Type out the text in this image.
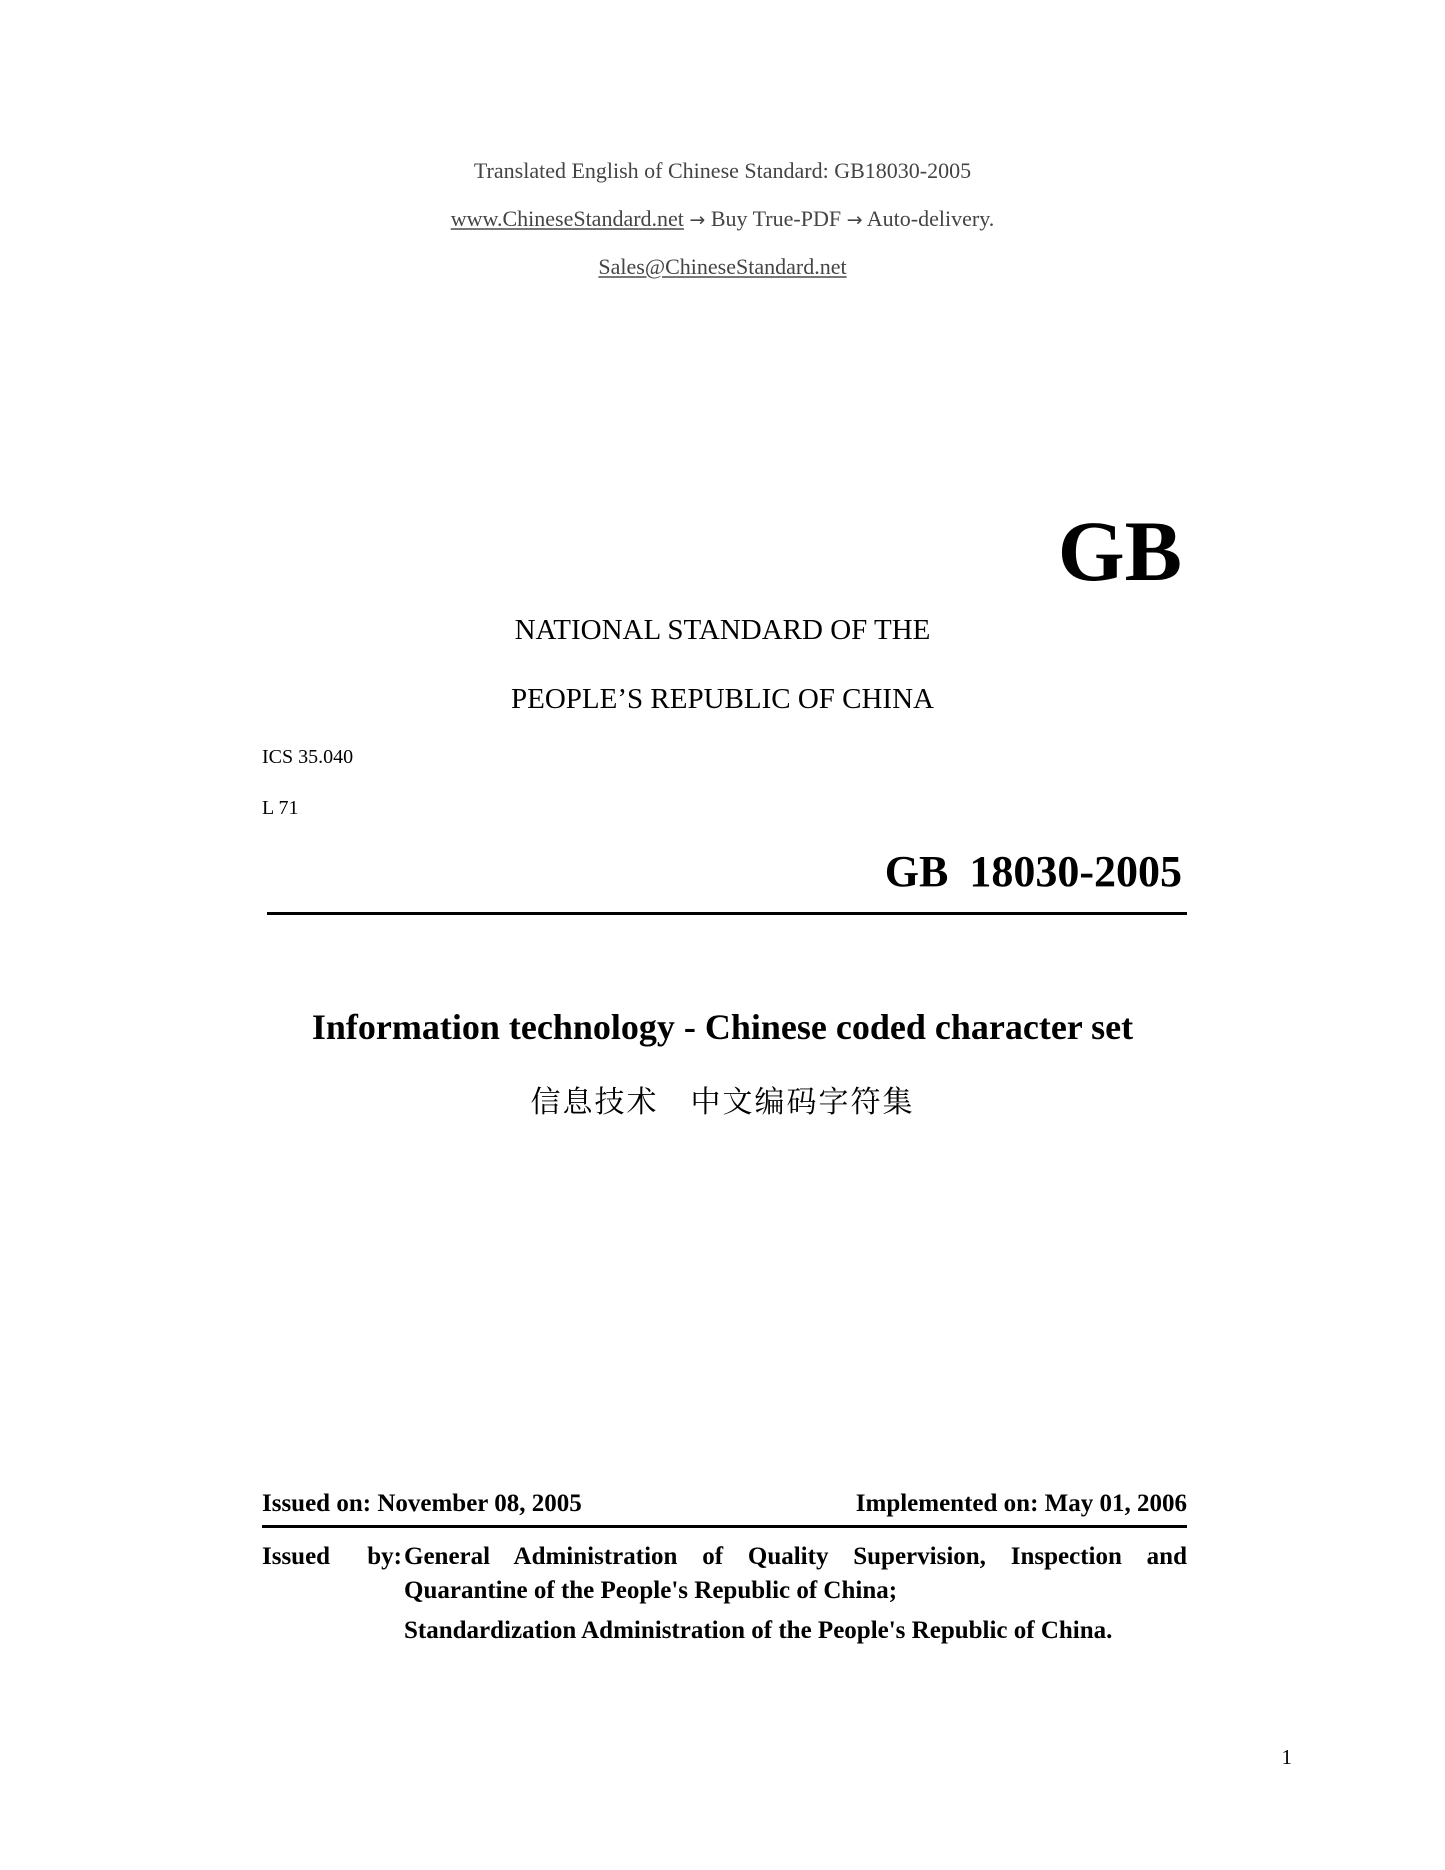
Translated English of Chinese Standard: GB18030-2005
www.ChineseStandard.net → Buy True-PDF → Auto-delivery.
Sales@ChineseStandard.net
GB
NATIONAL STANDARD OF THE
PEOPLE’S REPUBLIC OF CHINA
ICS 35.040
L 71
GB 18030-2005
Information technology - Chinese coded character set
信息技术　中文编码字符集
Issued on: November 08, 2005	Implemented on: May 01, 2006
Issued by: General Administration of Quality Supervision, Inspection and
Quarantine of the People's Republic of China;
Standardization Administration of the People's Republic of China.
1
